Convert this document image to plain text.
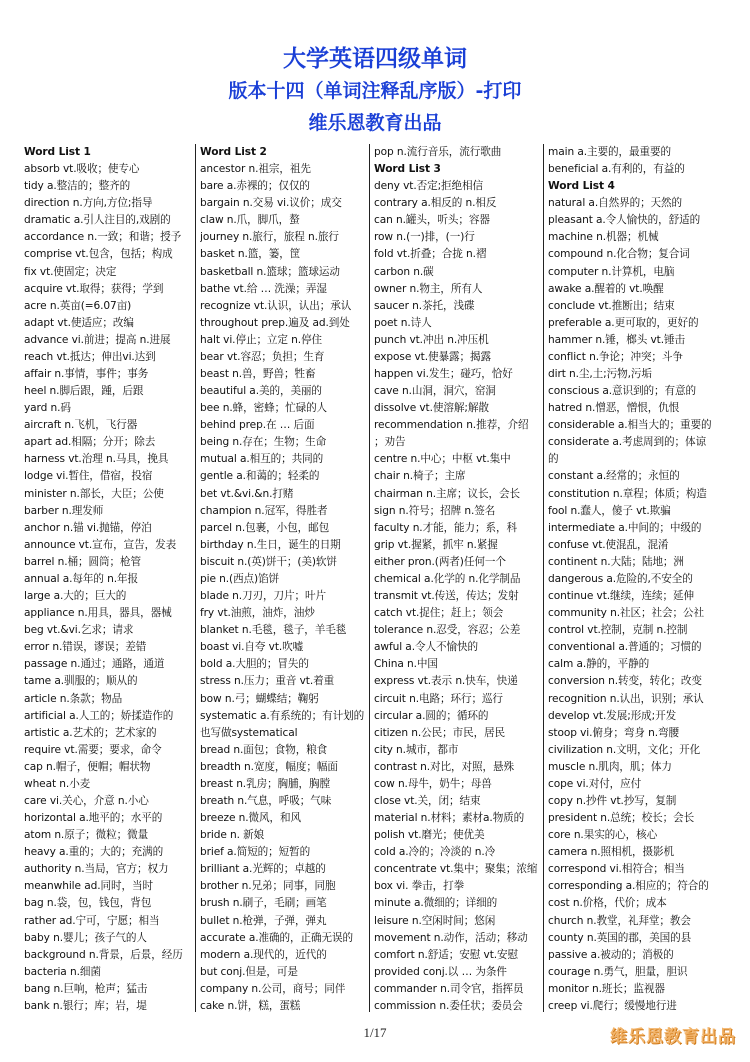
大学英语四级单词
版本十四（单词注释乱序版）-打印
维乐恩教育出品
Word List 1
absorb vt.吸收；使专心
tidy a.整洁的；整齐的
direction n.方向,方位;指导
dramatic a.引人注目的,戏剧的
accordance n.一致；和谐；授予
comprise vt.包含，包括；构成
fix vt.使固定；决定
acquire vt.取得；获得；学到
acre n.英亩(=6.07亩)
adapt vt.使适应；改编
advance vi.前进；提高 n.进展
reach vt.抵达；伸出vi.达到
affair n.事情，事件；事务
heel n.脚后跟，踵，后跟
yard n.码
aircraft n.飞机，飞行器
apart ad.相隔；分开；除去
harness vt.治理 n.马具，挽具
lodge vi.暂住，借宿，投宿
minister n.部长，大臣；公使
barber n.理发师
anchor n.锚 vi.抛锚，停泊
announce vt.宣布，宣告，发表
barrel n.桶；圆筒；枪管
annual a.每年的 n.年报
large a.大的；巨大的
appliance n.用具，器具，器械
beg vt.&vi.乞求；请求
error n.错误，谬误；差错
passage n.通过；通路，通道
tame a.驯服的；顺从的
article n.条款；物品
artificial a.人工的；娇揉造作的
artistic a.艺术的；艺术家的
require vt.需要；要求，命令
cap n.帽子，便帽；帽状物
wheat n.小麦
care vi.关心，介意 n.小心
horizontal a.地平的；水平的
atom n.原子；微粒；微量
heavy a.重的；大的；充满的
authority n.当局，官方；权力
meanwhile ad.同时，当时
bag n.袋，包，钱包，背包
rather ad.宁可，宁愿；相当
baby n.婴儿；孩子气的人
background n.背景，后景，经历
bacteria n.细菌
bang n.巨响，枪声；猛击
bank n.银行；库；岩，堤
Word List 2
ancestor n.祖宗，祖先
bare a.赤裸的；仅仅的
bargain n.交易 vi.议价；成交
claw n.爪，脚爪，螯
journey n.旅行，旅程 n.旅行
basket n.篮，篓，筐
basketball n.篮球；篮球运动
bathe vt.给 … 洗澡；弄湿
recognize vt.认识，认出；承认
throughout prep.遍及 ad.到处
halt vi.停止；立定 n.停住
bear vt.容忍；负担；生育
beast n.兽，野兽；牲畜
beautiful a.美的，美丽的
bee n.蜂，密蜂；忙碌的人
behind prep.在 … 后面
being n.存在；生物；生命
mutual a.相互的；共同的
gentle a.和蔼的；轻柔的
bet vt.&vi.&n.打赌
champion n.冠军，得胜者
parcel n.包裹，小包，邮包
birthday n.生日，诞生的日期
biscuit n.(英)饼干；(美)软饼
pie n.(西点)馅饼
blade n.刀刃，刀片；叶片
fry vt.油煎，油炸，油炒
blanket n.毛毯，毯子，羊毛毯
boast vi.自夸 vt.吹嘘
bold a.大胆的；冒失的
stress n.压力；重音 vt.着重
bow n.弓；蝴蝶结；鞠躬
systematic a.有系统的；有计划的
也写做systematical
bread n.面包；食物，粮食
breadth n.宽度，幅度；幅面
breast n.乳房；胸脯，胸膛
breath n.气息，呼吸；气味
breeze n.微风，和风
bride n. 新娘
brief a.简短的；短暂的
brilliant a.光辉的；卓越的
brother n.兄弟；同事，同胞
brush n.刷子，毛刷；画笔
bullet n.枪弹，子弹，弹丸
accurate a.准确的，正确无误的
modern a.现代的，近代的
but conj.但是，可是
company n.公司，商号；同伴
cake n.饼，糕，蛋糕
pop n.流行音乐，流行歌曲
Word List 3
deny vt.否定;拒绝相信
contrary a.相反的 n.相反
can n.罐头，听头；容器
row n.(一)排，(一)行
fold vt.折叠；合拢 n.褶
carbon n.碳
owner n.物主，所有人
saucer n.茶托，浅碟
poet n.诗人
punch vt.冲出 n.冲压机
expose vt.使暴露；揭露
happen vi.发生；碰巧，恰好
cave n.山洞，洞穴，窑洞
dissolve vt.使溶解;解散
recommendation n.推荐，介绍
；劝告
centre n.中心；中枢 vt.集中
chair n.椅子；主席
chairman n.主席；议长，会长
sign n.符号；招牌 n.签名
faculty n.才能，能力；系，科
grip vt.握紧，抓牢 n.紧握
either pron.(两者)任何一个
chemical a.化学的 n.化学制品
transmit vt.传送，传达；发射
catch vt.捉住；赶上；领会
tolerance n.忍受，容忍；公差
awful a.令人不愉快的
China n.中国
express vt.表示 n.快车，快递
circuit n.电路；环行；巡行
circular a.圆的；循环的
citizen n.公民；市民，居民
city n.城市，都市
contrast n.对比，对照，悬殊
cow n.母牛，奶牛；母兽
close vt.关，闭；结束
material n.材料；素材a.物质的
polish vt.磨光；使优美
cold a.冷的；冷淡的 n.冷
concentrate vt.集中；聚集；浓缩
box vi. 拳击，打拳
minute a.微细的；详细的
leisure n.空闲时间；悠闲
movement n.动作，活动；移动
comfort n.舒适；安慰 vt.安慰
provided conj.以 … 为条件
commander n.司令官，指挥员
commission n.委任状；委员会
main a.主要的，最重要的
beneficial a.有利的，有益的
Word List 4
natural a.自然界的；天然的
pleasant a.令人愉快的，舒适的
machine n.机器；机械
compound n.化合物；复合词
computer n.计算机，电脑
awake a.醒着的 vt.唤醒
conclude vt.推断出；结束
preferable a.更可取的，更好的
hammer n.锤，榔头 vt.锤击
conflict n.争论；冲突；斗争
dirt n.尘,土;污物,污垢
conscious a.意识到的；有意的
hatred n.憎恶，憎恨，仇恨
considerable a.相当大的；重要的
considerate a.考虑周到的；体谅
的
constant a.经常的；永恒的
constitution n.章程；体质；构造
fool n.蠢人，傻子 vt.欺骗
intermediate a.中间的；中级的
confuse vt.使混乱，混淆
continent n.大陆；陆地；洲
dangerous a.危险的,不安全的
continue vt.继续，连续；延伸
community n.社区；社会；公社
control vt.控制，克制 n.控制
conventional a.普通的；习惯的
calm a.静的，平静的
conversion n.转变，转化；改变
recognition n.认出，识别；承认
develop vt.发展;形成;开发
stoop vi.俯身；弯身 n.弯腰
civilization n.文明，文化；开化
muscle n.肌肉，肌；体力
cope vi.对付，应付
copy n.抄件 vt.抄写，复制
president n.总统；校长；会长
core n.果实的心，核心
camera n.照相机，摄影机
correspond vi.相符合；相当
corresponding a.相应的；符合的
cost n.价格，代价；成本
church n.教堂，礼拜堂；教会
county n.英国的郡，美国的县
passive a.被动的；消极的
courage n.勇气，胆量，胆识
monitor n.班长；监视器
creep vi.爬行；缓慢地行进
1/17	维乐恩教育出品
